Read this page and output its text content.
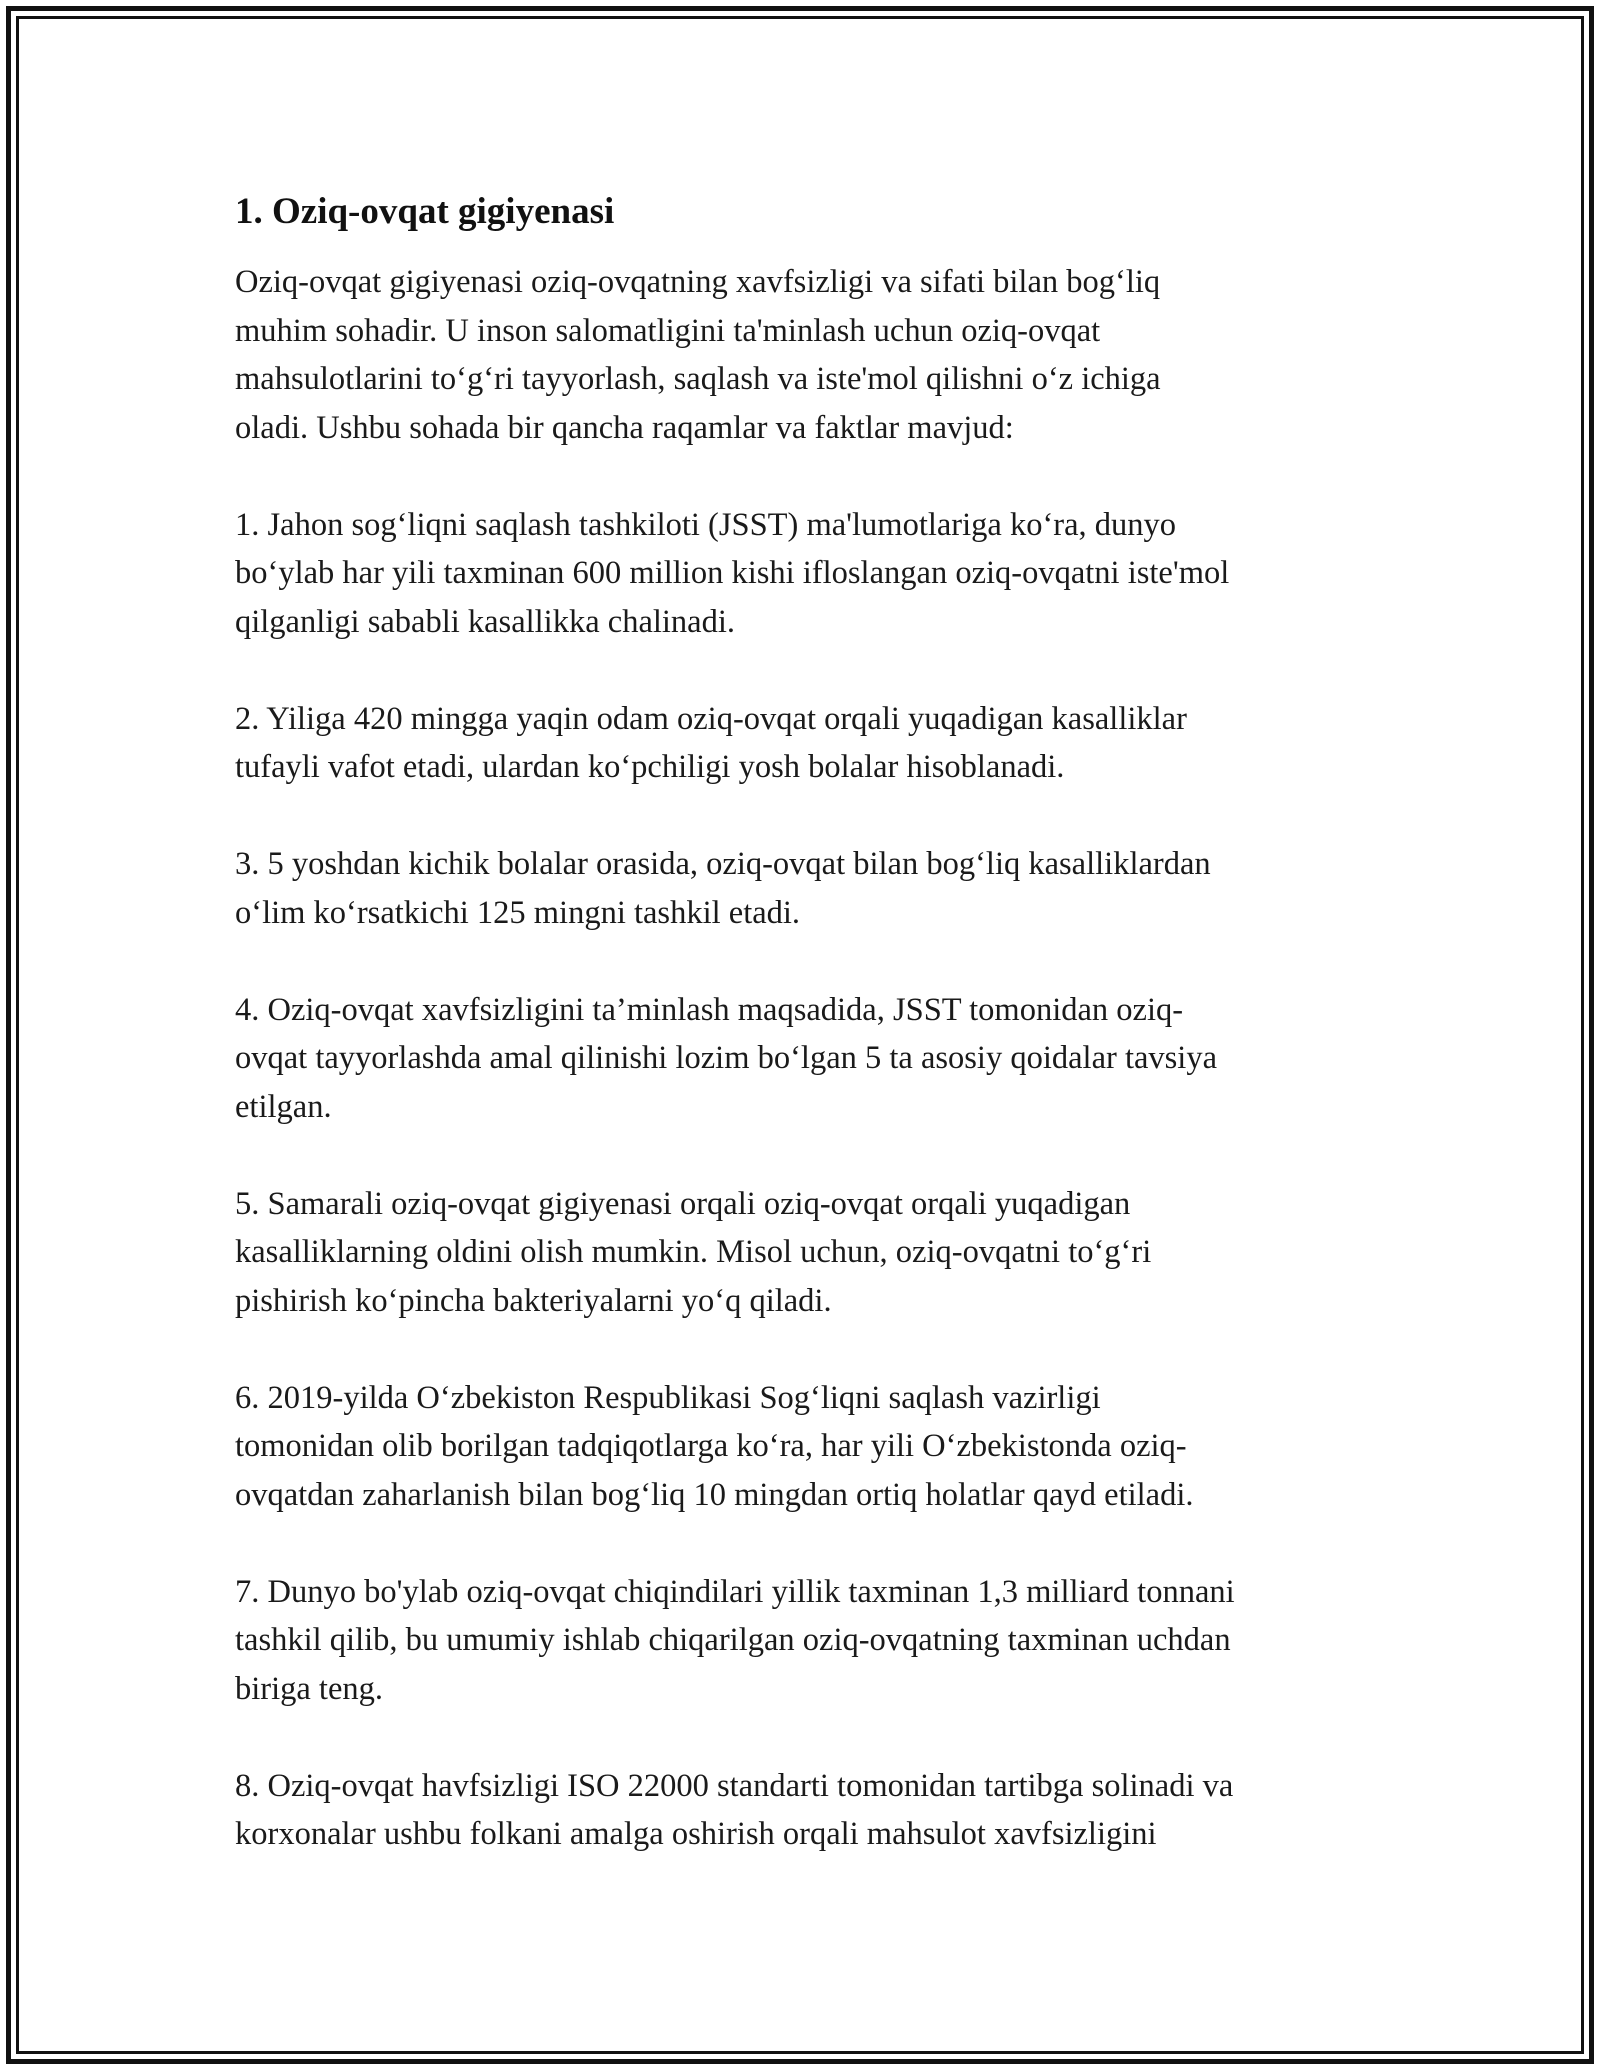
1. Oziq-ovqat gigiyenasi

Oziq-ovqat gigiyenasi oziq-ovqatning xavfsizligi va sifati bilan bog‘liq
muhim sohadir. U inson salomatligini ta'minlash uchun oziq-ovqat
mahsulotlarini to‘g‘ri tayyorlash, saqlash va iste'mol qilishni o‘z ichiga
oladi. Ushbu sohada bir qancha raqamlar va faktlar mavjud:

1. Jahon sog‘liqni saqlash tashkiloti (JSST) ma'lumotlariga ko‘ra, dunyo
bo‘ylab har yili taxminan 600 million kishi ifloslangan oziq-ovqatni iste'mol
qilganligi sababli kasallikka chalinadi.

2. Yiliga 420 mingga yaqin odam oziq-ovqat orqali yuqadigan kasalliklar
tufayli vafot etadi, ulardan ko‘pchiligi yosh bolalar hisoblanadi.

3. 5 yoshdan kichik bolalar orasida, oziq-ovqat bilan bog‘liq kasalliklardan
o‘lim ko‘rsatkichi 125 mingni tashkil etadi.

4. Oziq-ovqat xavfsizligini ta’minlash maqsadida, JSST tomonidan oziq-
ovqat tayyorlashda amal qilinishi lozim bo‘lgan 5 ta asosiy qoidalar tavsiya
etilgan.

5. Samarali oziq-ovqat gigiyenasi orqali oziq-ovqat orqali yuqadigan
kasalliklarning oldini olish mumkin. Misol uchun, oziq-ovqatni to‘g‘ri
pishirish ko‘pincha bakteriyalarni yo‘q qiladi.

6. 2019-yilda O‘zbekiston Respublikasi Sog‘liqni saqlash vazirligi
tomonidan olib borilgan tadqiqotlarga ko‘ra, har yili O‘zbekistonda oziq-
ovqatdan zaharlanish bilan bog‘liq 10 mingdan ortiq holatlar qayd etiladi.

7. Dunyo bo'ylab oziq-ovqat chiqindilari yillik taxminan 1,3 milliard tonnani
tashkil qilib, bu umumiy ishlab chiqarilgan oziq-ovqatning taxminan uchdan
biriga teng.

8. Oziq-ovqat havfsizligi ISO 22000 standarti tomonidan tartibga solinadi va
korxonalar ushbu folkani amalga oshirish orqali mahsulot xavfsizligini
